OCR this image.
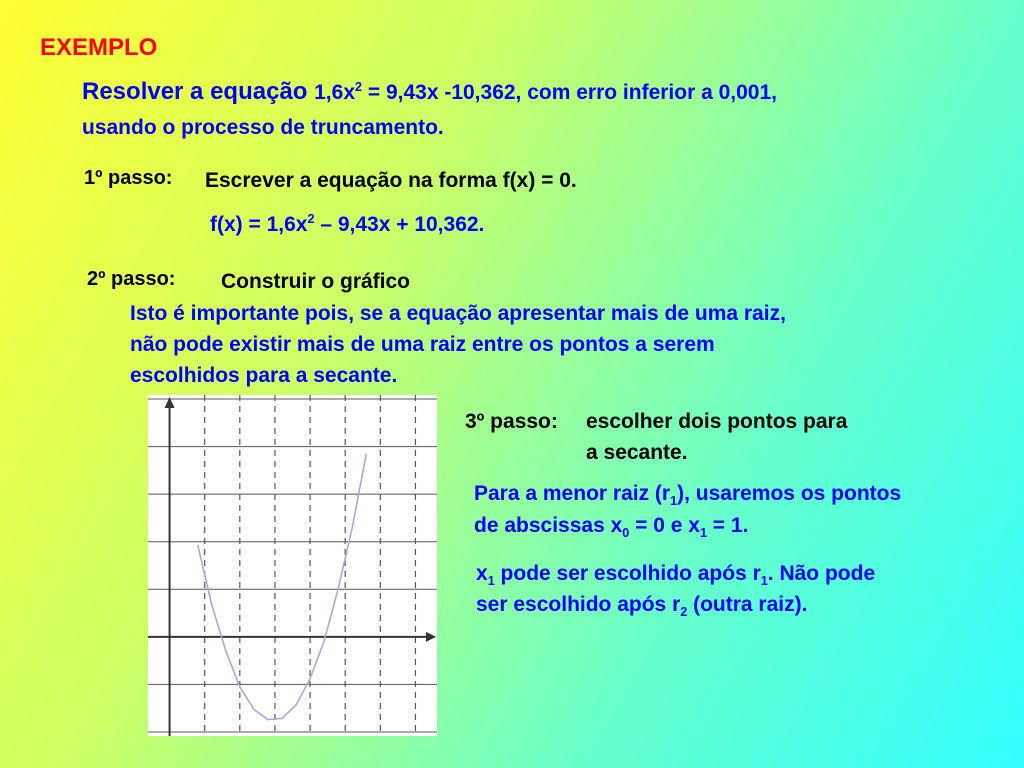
EXEMPLO
Resolver a equação $1,6x^2 = 9,43x$ -10,362, com erro inferior a 0,001,
usando o processo de truncamento.
1º passo: Escrever a equação na forma f(x) = 0.
$f(x) = 1,6x^2 - 9,43x + 10,362$.
2º passo: Construir o gráfico
Isto é importante pois, se a equação apresentar mais de uma raiz,
não pode existir mais de uma raiz entre os pontos a serem
escolhidos para a secante.
3º passo: escolher dois pontos para
a secante.
Para a menor raiz $(r_1)$, usaremos os pontos
de abscissas $x_0 = 0$ e $x_1 = 1$.
$x_1$ pode ser escolhido após $r_1$. Não pode
ser escolhido após $r_2$ (outra raiz).
